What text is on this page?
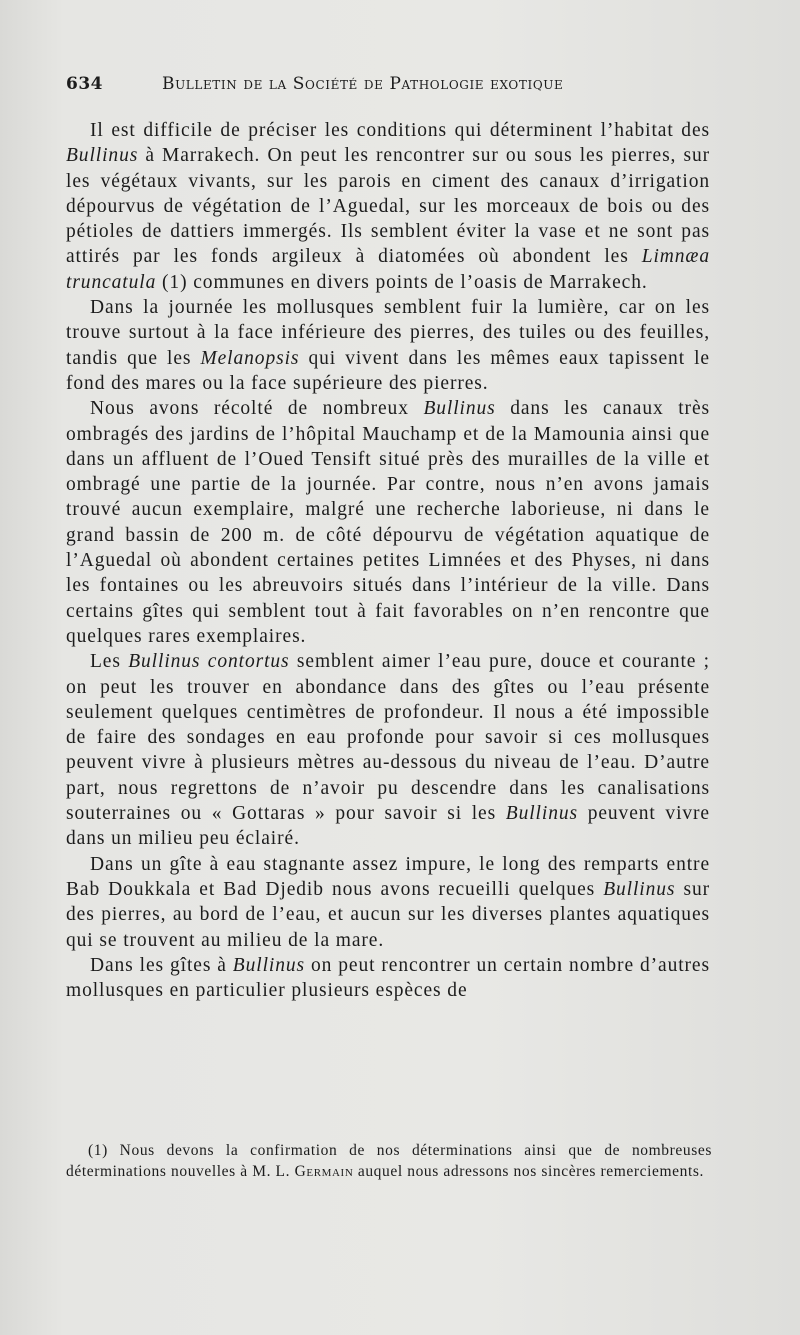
634	Bulletin de la Société de Pathologie exotique

Il est difficile de préciser les conditions qui déterminent l’habitat des Bullinus à Marrakech. On peut les rencontrer sur ou sous les pierres, sur les végétaux vivants, sur les parois en ciment des canaux d’irrigation dépourvus de végétation de l’Aguedal, sur les morceaux de bois ou des pétioles de dattiers immergés. Ils semblent éviter la vase et ne sont pas attirés par les fonds argileux à diatomées où abondent les Limnæa truncatula (1) communes en divers points de l’oasis de Marrakech.

Dans la journée les mollusques semblent fuir la lumière, car on les trouve surtout à la face inférieure des pierres, des tuiles ou des feuilles, tandis que les Melanopsis qui vivent dans les mêmes eaux tapissent le fond des mares ou la face supérieure des pierres.

Nous avons récolté de nombreux Bullinus dans les canaux très ombragés des jardins de l’hôpital Mauchamp et de la Mamounia ainsi que dans un affluent de l’Oued Tensift situé près des murailles de la ville et ombragé une partie de la journée. Par contre, nous n’en avons jamais trouvé aucun exemplaire, malgré une recherche laborieuse, ni dans le grand bassin de 200 m. de côté dépourvu de végétation aquatique de l’Aguedal où abondent certaines petites Limnées et des Physes, ni dans les fontaines ou les abreuvoirs situés dans l’intérieur de la ville. Dans certains gîtes qui semblent tout à fait favorables on n’en rencontre que quelques rares exemplaires.

Les Bullinus contortus semblent aimer l’eau pure, douce et courante ; on peut les trouver en abondance dans des gîtes ou l’eau présente seulement quelques centimètres de profondeur. Il nous a été impossible de faire des sondages en eau profonde pour savoir si ces mollusques peuvent vivre à plusieurs mètres au-dessous du niveau de l’eau. D’autre part, nous regrettons de n’avoir pu descendre dans les canalisations souterraines ou « Gottaras » pour savoir si les Bullinus peuvent vivre dans un milieu peu éclairé.

Dans un gîte à eau stagnante assez impure, le long des remparts entre Bab Doukkala et Bad Djedib nous avons recueilli quelques Bullinus sur des pierres, au bord de l’eau, et aucun sur les diverses plantes aquatiques qui se trouvent au milieu de la mare.

Dans les gîtes à Bullinus on peut rencontrer un certain nombre d’autres mollusques en particulier plusieurs espèces de

(1) Nous devons la confirmation de nos déterminations ainsi que de nombreuses déterminations nouvelles à M. L. Germain auquel nous adressons nos sincères remerciements.
